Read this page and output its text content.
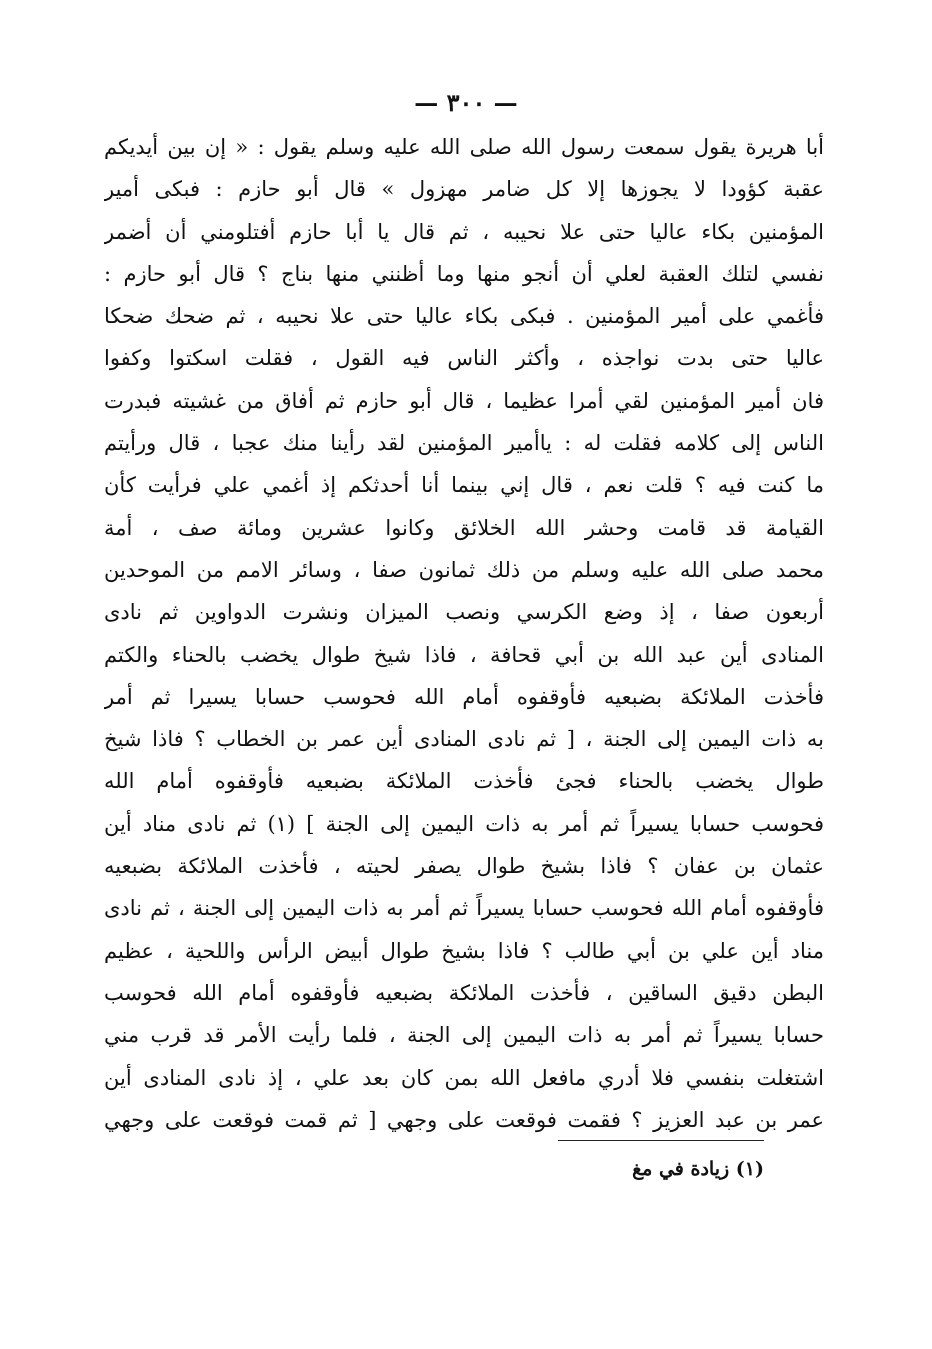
— ٣٠٠ —
أبا هريرة يقول سمعت رسول الله صلى الله عليه وسلم يقول : « إن بين أيديكم
عقبة كؤودا لا يجوزها إلا كل ضامر مهزول » قال أبو حازم : فبكى أمير
المؤمنين بكاء عاليا حتى علا نحيبه ، ثم قال يا أبا حازم أفتلومني أن أضمر
نفسي لتلك العقبة لعلي أن أنجو منها وما أظنني منها بناج ؟ قال أبو حازم :
فأغمي على أمير المؤمنين . فبكى بكاء عاليا حتى علا نحيبه ، ثم ضحك ضحكا
عاليا حتى بدت نواجذه ، وأكثر الناس فيه القول ، فقلت اسكتوا وكفوا
فان أمير المؤمنين لقي أمرا عظيما ، قال أبو حازم ثم أفاق من غشيته فبدرت
الناس إلى كلامه فقلت له : ياأمير المؤمنين لقد رأينا منك عجبا ، قال ورأيتم
ما كنت فيه ؟ قلت نعم ، قال إني بينما أنا أحدثكم إذ أغمي علي فرأيت كأن
القيامة قد قامت وحشر الله الخلائق وكانوا عشرين ومائة صف ، أمة
محمد صلى الله عليه وسلم من ذلك ثمانون صفا ، وسائر الامم من الموحدين
أربعون صفا ، إذ وضع الكرسي ونصب الميزان ونشرت الدواوين ثم نادى
المنادى أين عبد الله بن أبي قحافة ، فاذا شيخ طوال يخضب بالحناء والكتم
فأخذت الملائكة بضبعيه فأوقفوه أمام الله فحوسب حسابا يسيرا ثم أمر
به ذات اليمين إلى الجنة ، [ ثم نادى المنادى أين عمر بن الخطاب ؟ فاذا شيخ
طوال يخضب بالحناء فجئ فأخذت الملائكة بضبعيه فأوقفوه أمام الله
فحوسب حسابا يسيراً ثم أمر به ذات اليمين إلى الجنة ] (١) ثم نادى مناد أين
عثمان بن عفان ؟ فاذا بشيخ طوال يصفر لحيته ، فأخذت الملائكة بضبعيه
فأوقفوه أمام الله فحوسب حسابا يسيراً ثم أمر به ذات اليمين إلى الجنة ، ثم نادى
مناد أين علي بن أبي طالب ؟ فاذا بشيخ طوال أبيض الرأس واللحية ، عظيم
البطن دقيق الساقين ، فأخذت الملائكة بضبعيه فأوقفوه أمام الله فحوسب
حسابا يسيراً ثم أمر به ذات اليمين إلى الجنة ، فلما رأيت الأمر قد قرب مني
اشتغلت بنفسي فلا أدري مافعل الله بمن كان بعد علي ، إذ نادى المنادى أين
عمر بن عبد العزيز ؟ فقمت فوقعت على وجهي [ ثم قمت فوقعت على وجهي
(١) زيادة في مغ
